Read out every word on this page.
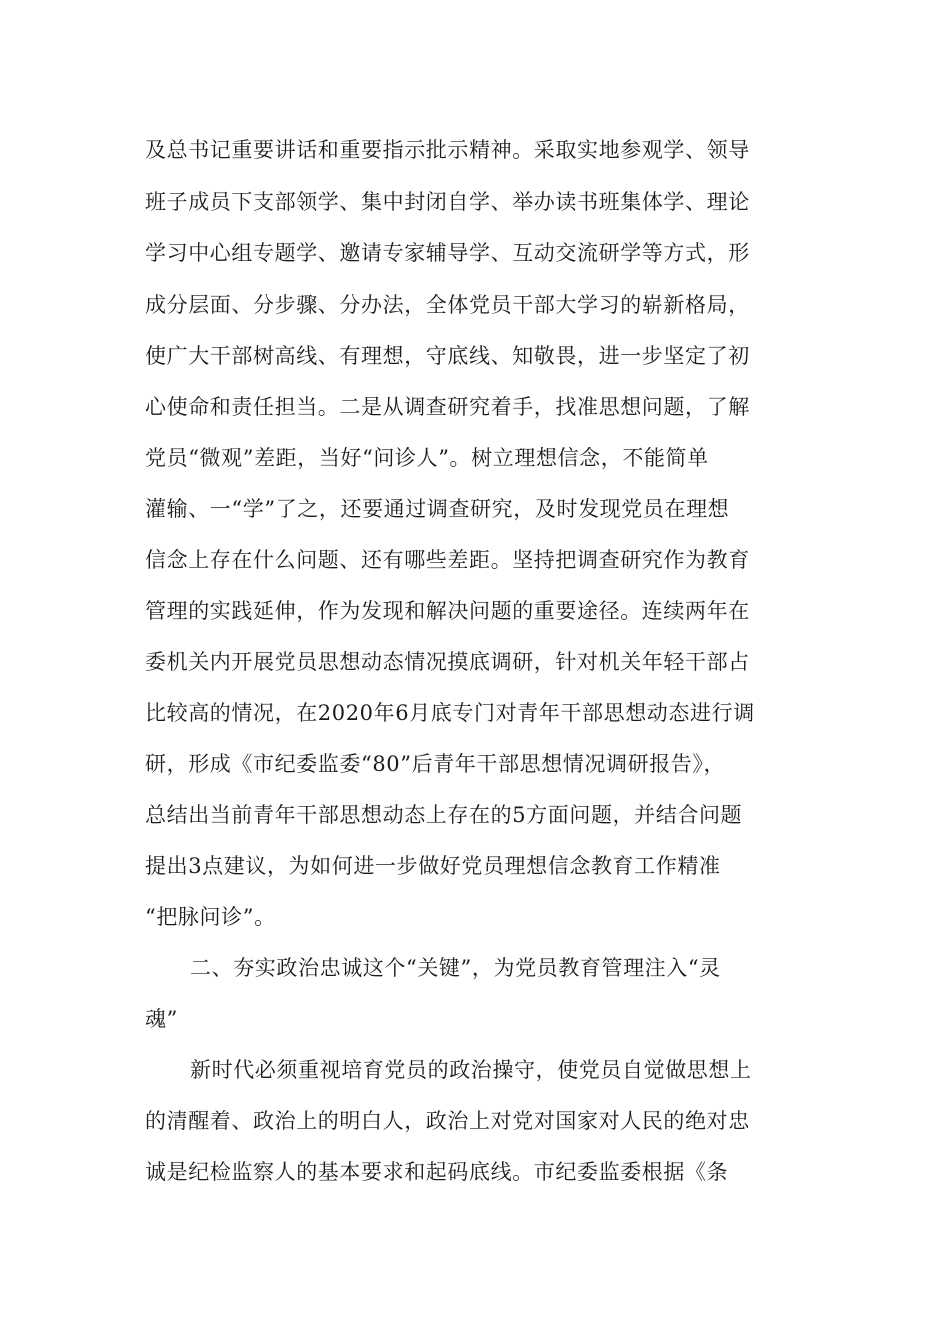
及总书记重要讲话和重要指示批示精神。采取实地参观学、领导
班子成员下支部领学、集中封闭自学、举办读书班集体学、理论
学习中心组专题学、邀请专家辅导学、互动交流研学等方式，形
成分层面、分步骤、分办法，全体党员干部大学习的崭新格局，
使广大干部树高线、有理想，守底线、知敬畏，进一步坚定了初
心使命和责任担当。二是从调查研究着手，找准思想问题，了解
党员“微观”差距，当好“问诊人”。树立理想信念，不能简单
灌输、一“学”了之，还要通过调查研究，及时发现党员在理想
信念上存在什么问题、还有哪些差距。坚持把调查研究作为教育
管理的实践延伸，作为发现和解决问题的重要途径。连续两年在
委机关内开展党员思想动态情况摸底调研，针对机关年轻干部占
比较高的情况，在2020年6月底专门对青年干部思想动态进行调
研，形成《市纪委监委“80”后青年干部思想情况调研报告》，
总结出当前青年干部思想动态上存在的5方面问题，并结合问题
提出3点建议，为如何进一步做好党员理想信念教育工作精准
“把脉问诊”。
二、夯实政治忠诚这个“关键”，为党员教育管理注入“灵
魂”
新时代必须重视培育党员的政治操守，使党员自觉做思想上
的清醒着、政治上的明白人，政治上对党对国家对人民的绝对忠
诚是纪检监察人的基本要求和起码底线。市纪委监委根据《条
